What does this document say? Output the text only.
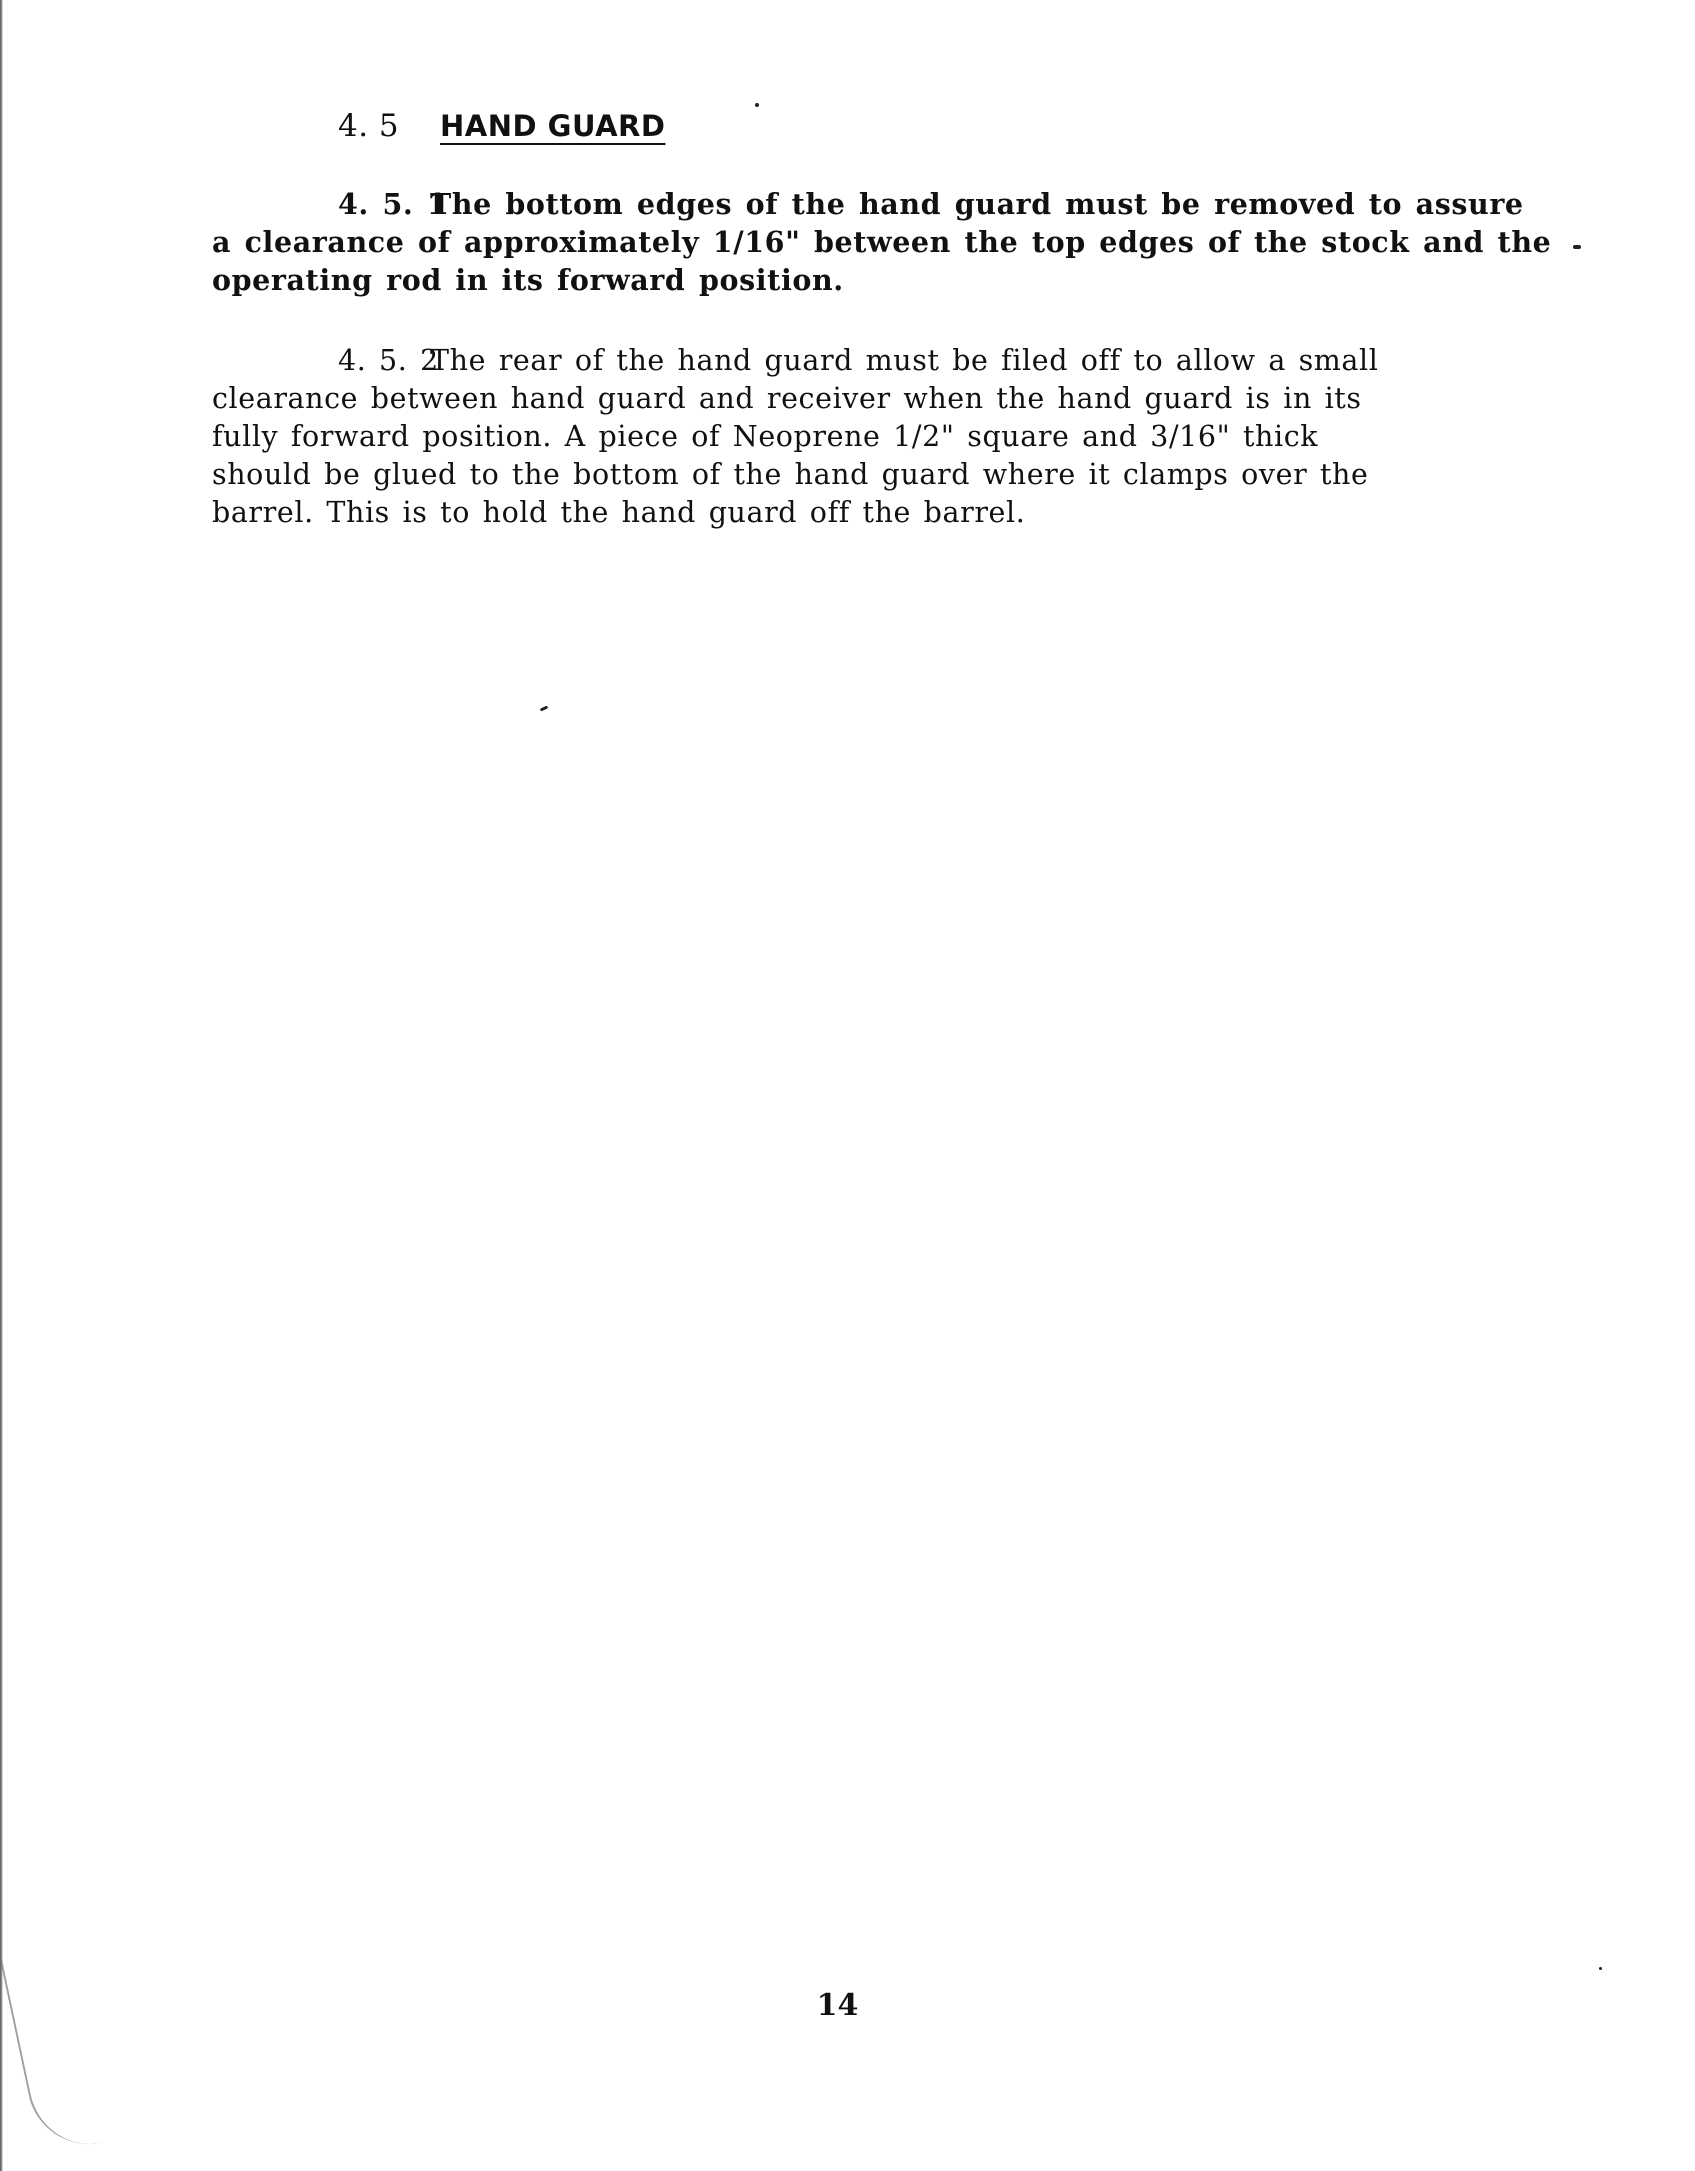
4. 5 HAND GUARD
4. 5. 1The bottom edges of the hand guard must be removed to assure
a clearance of approximately 1/16" between the top edges of the stock and the
operating rod in its forward position.
4. 5. 2The rear of the hand guard must be filed off to allow a small
clearance between hand guard and receiver when the hand guard is in its
fully forward position. A piece of Neoprene 1/2" square and 3/16" thick
should be glued to the bottom of the hand guard where it clamps over the
barrel. This is to hold the hand guard off the barrel.
14
